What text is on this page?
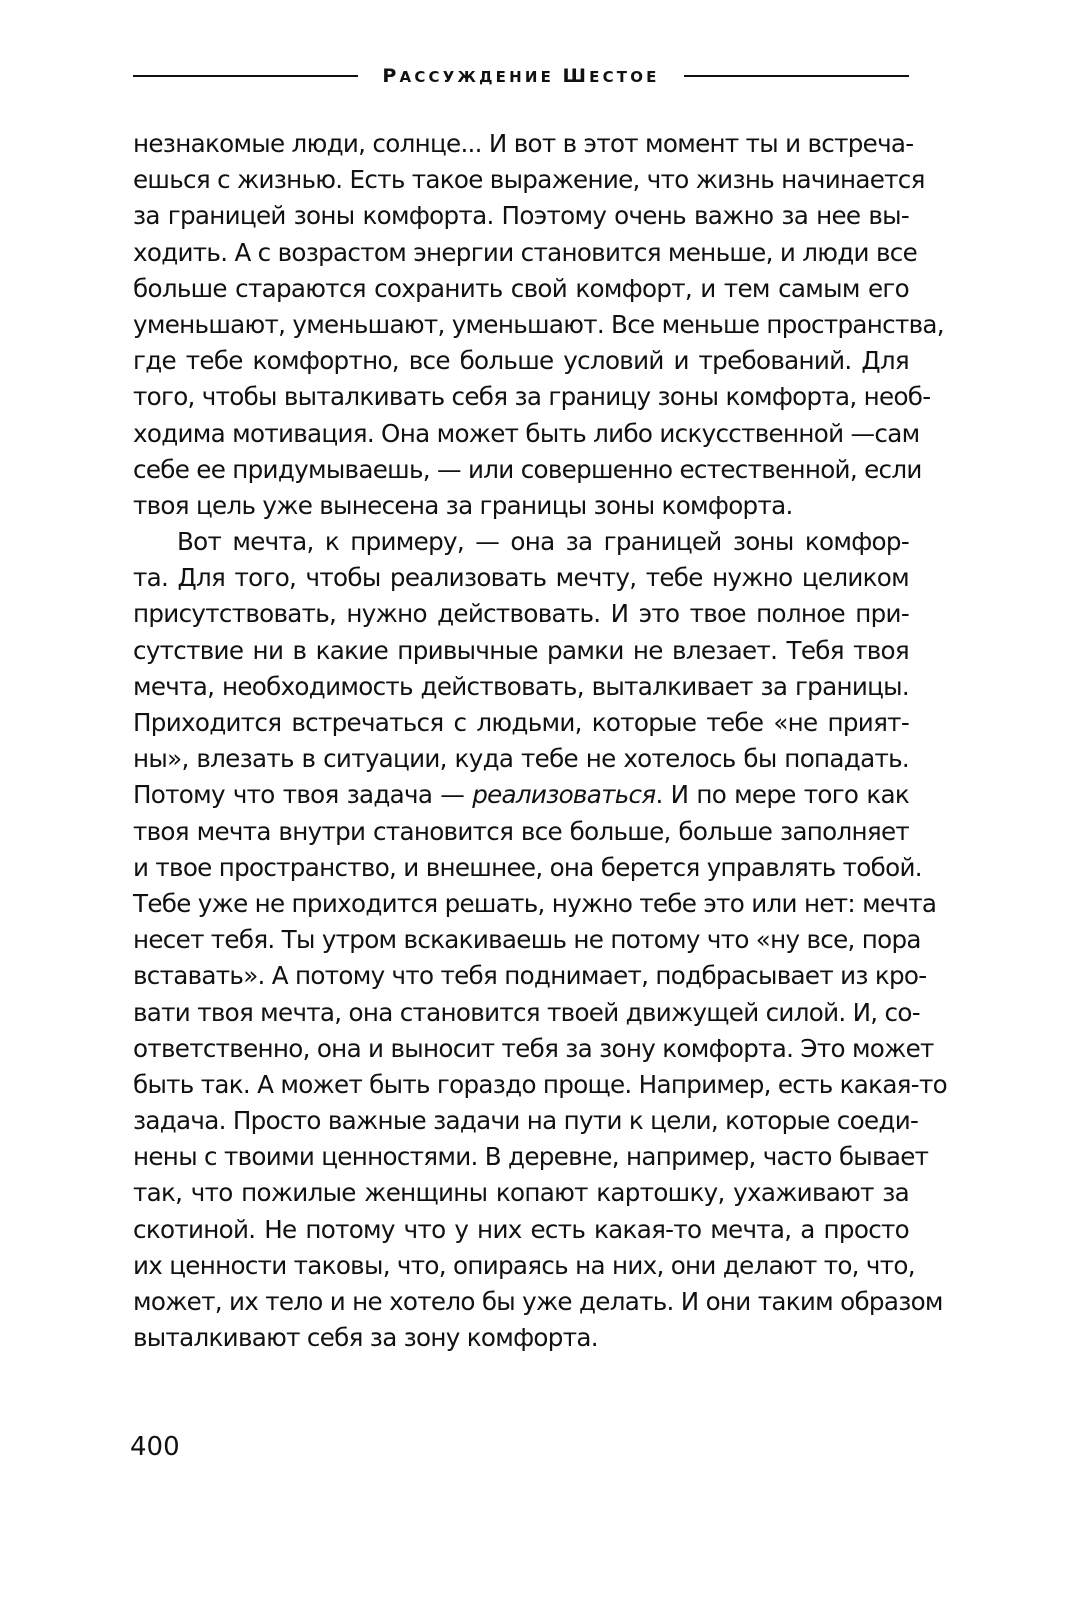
РАССУЖДЕНИЕ ШЕСТОЕ
незнакомые люди, солнце... И вот в этот момент ты и встреча-
ешься с жизнью. Есть такое выражение, что жизнь начинается
за границей зоны комфорта. Поэтому очень важно за нее вы-
ходить. А с возрастом энергии становится меньше, и люди все
больше стараются сохранить свой комфорт, и тем самым его
уменьшают, уменьшают, уменьшают. Все меньше пространства,
где тебе комфортно, все больше условий и требований. Для
того, чтобы выталкивать себя за границу зоны комфорта, необ-
ходима мотивация. Она может быть либо искусственной —сам
себе ее придумываешь, — или совершенно естественной, если
твоя цель уже вынесена за границы зоны комфорта.
Вот мечта, к примеру, — она за границей зоны комфор-
та. Для того, чтобы реализовать мечту, тебе нужно целиком
присутствовать, нужно действовать. И это твое полное при-
сутствие ни в какие привычные рамки не влезает. Тебя твоя
мечта, необходимость действовать, выталкивает за границы.
Приходится встречаться с людьми, которые тебе «не прият-
ны», влезать в ситуации, куда тебе не хотелось бы попадать.
Потому что твоя задача — реализоваться. И по мере того как
твоя мечта внутри становится все больше, больше заполняет
и твое пространство, и внешнее, она берется управлять тобой.
Тебе уже не приходится решать, нужно тебе это или нет: мечта
несет тебя. Ты утром вскакиваешь не потому что «ну все, пора
вставать». А потому что тебя поднимает, подбрасывает из кро-
вати твоя мечта, она становится твоей движущей силой. И, со-
ответственно, она и выносит тебя за зону комфорта. Это может
быть так. А может быть гораздо проще. Например, есть какая-то
задача. Просто важные задачи на пути к цели, которые соеди-
нены с твоими ценностями. В деревне, например, часто бывает
так, что пожилые женщины копают картошку, ухаживают за
скотиной. Не потому что у них есть какая-то мечта, а просто
их ценности таковы, что, опираясь на них, они делают то, что,
может, их тело и не хотело бы уже делать. И они таким образом
выталкивают себя за зону комфорта.
400
